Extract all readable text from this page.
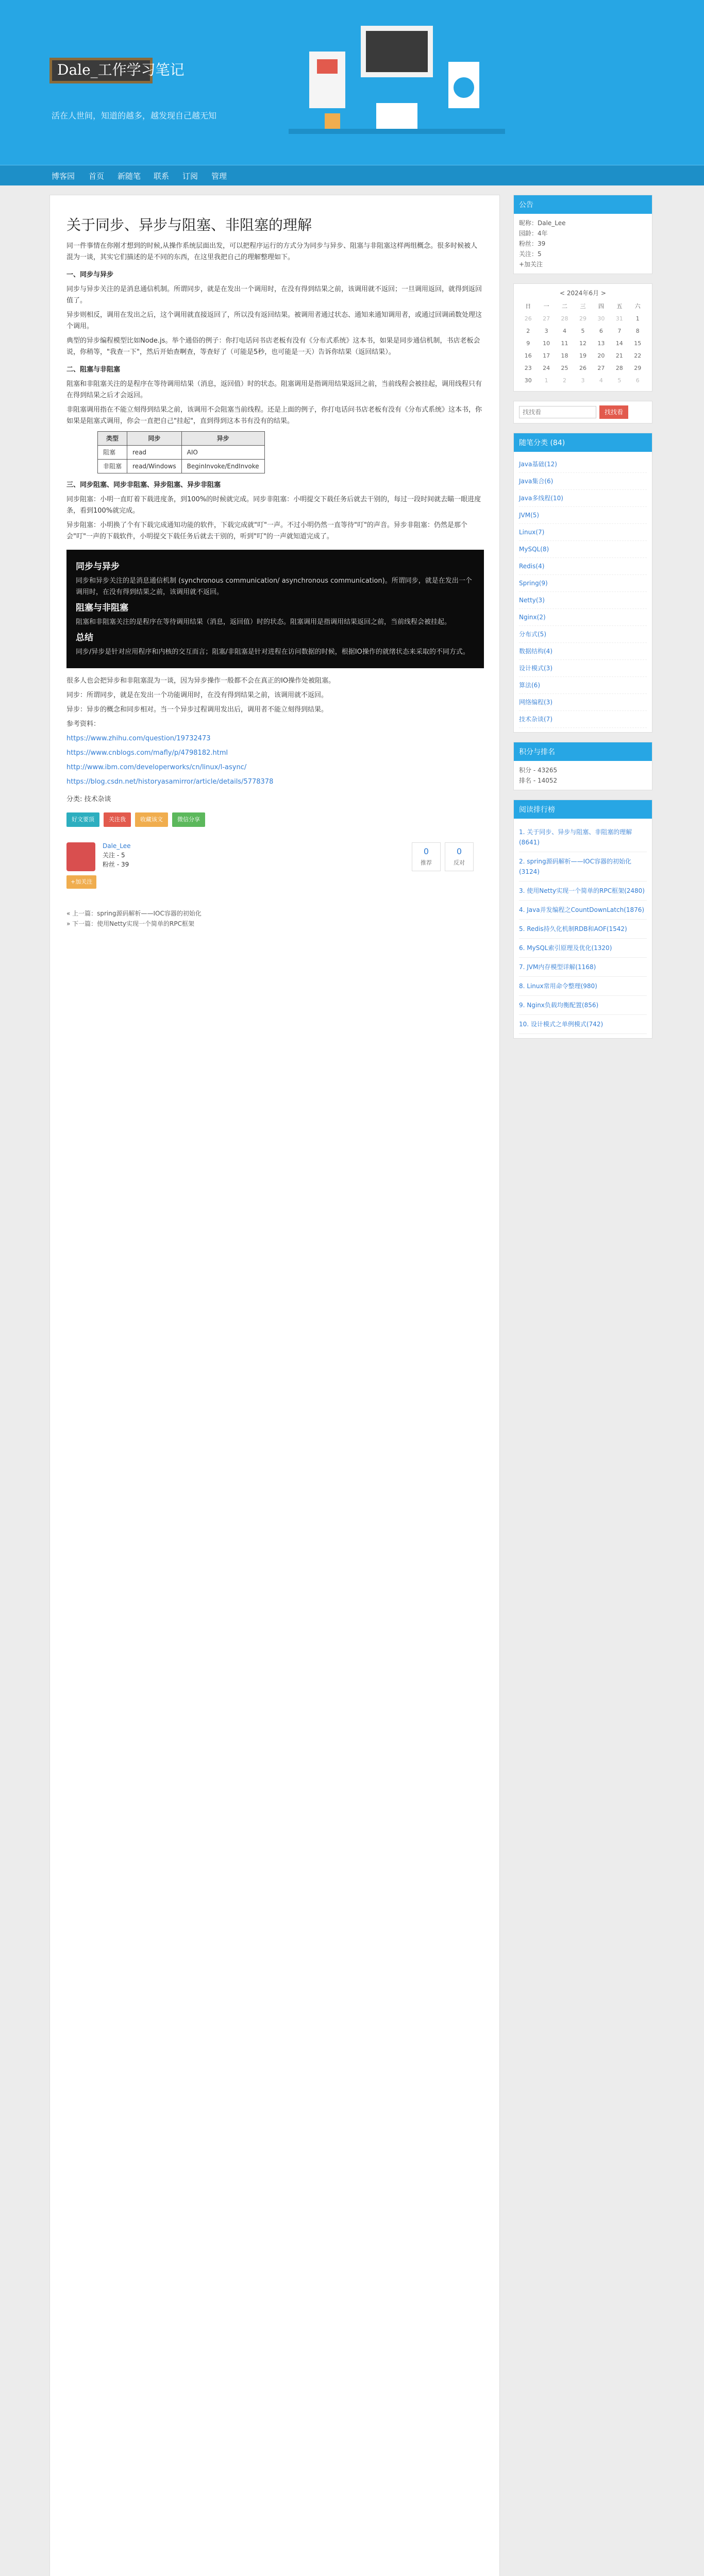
Dale_工作学习笔记
活在人世间，知道的越多，越发现自己越无知
博客园 首页 新随笔 联系 订阅 管理
关于同步、异步与阻塞、非阻塞的理解

同一件事情在你刚才想到的时候,从操作系统层面出发，可以把程序运行的方式分为同步与异步、阻塞与非阻塞这样两组概念。很多时候被人混为一谈，其实它们描述的是不同的东西，在这里我把自己的理解整理如下。

一、同步与异步

同步与异步关注的是消息通信机制。所谓同步，就是在发出一个调用时，在没有得到结果之前，该调用就不返回；一旦调用返回，就得到返回值了。

异步则相反，调用在发出之后，这个调用就直接返回了，所以没有返回结果。被调用者通过状态、通知来通知调用者，或通过回调函数处理这个调用。

典型的异步编程模型比如Node.js。举个通俗的例子：你打电话问书店老板有没有《分布式系统》这本书，如果是同步通信机制，书店老板会说，你稍等，"我查一下"，然后开始查啊查，等查好了（可能是5秒，也可能是一天）告诉你结果（返回结果）。

二、阻塞与非阻塞

阻塞和非阻塞关注的是程序在等待调用结果（消息，返回值）时的状态。阻塞调用是指调用结果返回之前，当前线程会被挂起，调用线程只有在得到结果之后才会返回。

非阻塞调用指在不能立刻得到结果之前，该调用不会阻塞当前线程。还是上面的例子，你打电话问书店老板有没有《分布式系统》这本书，你如果是阻塞式调用，你会一直把自己"挂起"，直到得到这本书有没有的结果。

类型	同步	异步
阻塞	read	AIO
非阻塞	read/Windows	BeginInvoke/EndInvoke

三、同步阻塞、同步非阻塞、异步阻塞、异步非阻塞

同步阻塞：小明一直盯着下载进度条，到100%的时候就完成。同步非阻塞：小明提交下载任务后就去干别的，每过一段时间就去瞄一眼进度条，看到100%就完成。

异步阻塞：小明换了个有下载完成通知功能的软件，下载完成就"叮"一声。不过小明仍然一直等待"叮"的声音。异步非阻塞：仍然是那个会"叮"一声的下载软件，小明提交下载任务后就去干别的，听到"叮"的一声就知道完成了。

同步与异步

同步和异步关注的是消息通信机制 (synchronous communication/ asynchronous communication)。所谓同步，就是在发出一个调用时，在没有得到结果之前，该调用就不返回。

阻塞与非阻塞

阻塞和非阻塞关注的是程序在等待调用结果（消息，返回值）时的状态。阻塞调用是指调用结果返回之前，当前线程会被挂起。

总结

同步/异步是针对应用程序和内核的交互而言；阻塞/非阻塞是针对进程在访问数据的时候，根据IO操作的就绪状态来采取的不同方式。

很多人也会把异步和非阻塞混为一谈，因为异步操作一般都不会在真正的IO操作处被阻塞。

同步：所谓同步，就是在发出一个功能调用时，在没有得到结果之前，该调用就不返回。

异步：异步的概念和同步相对。当一个异步过程调用发出后，调用者不能立刻得到结果。

参考资料：

https://www.zhihu.com/question/19732473

https://www.cnblogs.com/mafly/p/4798182.html

http://www.ibm.com/developerworks/cn/linux/l-async/

https://blog.csdn.net/historyasamirror/article/details/5778378

分类: 技术杂谈

好文要顶	关注我	收藏该文	微信分享
Dale_Lee
关注 - 5
粉丝 - 39
+加关注
0
推荐
0
反对
« 上一篇：spring源码解析——IOC容器的初始化
» 下一篇：使用Netty实现一个简单的RPC框架
公告
昵称：Dale_Lee
园龄：4年
粉丝：39
关注：5
+加关注
< 2024年6月 >
日	一	二	三	四	五	六
26	27	28	29	30	31	1
2	3	4	5	6	7	8
9	10	11	12	13	14	15
16	17	18	19	20	21	22
23	24	25	26	27	28	29
30	1	2	3	4	5	6
找找看
找找看
随笔分类 (84)
Java基础(12)
Java集合(6)
Java多线程(10)
JVM(5)
Linux(7)
MySQL(8)
Redis(4)
Spring(9)
Netty(3)
Nginx(2)
分布式(5)
数据结构(4)
设计模式(3)
算法(6)
网络编程(3)
技术杂谈(7)
积分与排名
积分 - 43265
排名 - 14052
阅读排行榜
1. 关于同步、异步与阻塞、非阻塞的理解(8641)
2. spring源码解析——IOC容器的初始化(3124)
3. 使用Netty实现一个简单的RPC框架(2480)
4. Java并发编程之CountDownLatch(1876)
5. Redis持久化机制RDB和AOF(1542)
6. MySQL索引原理及优化(1320)
7. JVM内存模型详解(1168)
8. Linux常用命令整理(980)
9. Nginx负载均衡配置(856)
10. 设计模式之单例模式(742)
